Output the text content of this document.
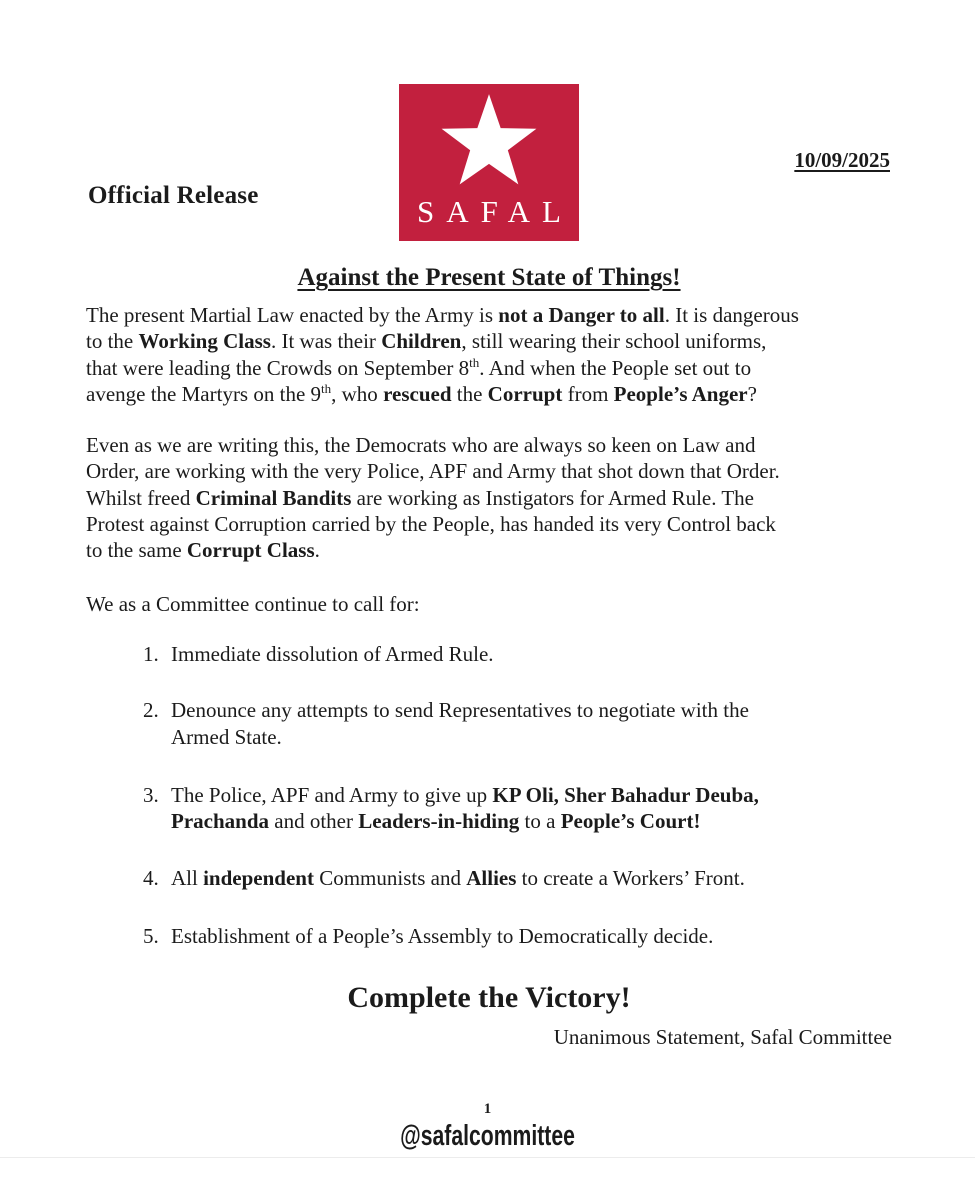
Official Release	SAFAL
10/09/2025
Against the Present State of Things!

The present Martial Law enacted by the Army is not a Danger to all. It is dangerous
to the Working Class. It was their Children, still wearing their school uniforms,
that were leading the Crowds on September 8th. And when the People set out to
avenge the Martyrs on the 9th, who rescued the Corrupt from People’s Anger?

Even as we are writing this, the Democrats who are always so keen on Law and
Order, are working with the very Police, APF and Army that shot down that Order.
Whilst freed Criminal Bandits are working as Instigators for Armed Rule. The
Protest against Corruption carried by the People, has handed its very Control back
to the same Corrupt Class.

We as a Committee continue to call for:

1. Immediate dissolution of Armed Rule.
2. Denounce any attempts to send Representatives to negotiate with the
Armed State.
3. The Police, APF and Army to give up KP Oli, Sher Bahadur Deuba,
Prachanda and other Leaders-in-hiding to a People’s Court!
4. All independent Communists and Allies to create a Workers’ Front.
5. Establishment of a People’s Assembly to Democratically decide.
Complete the Victory!
Unanimous Statement, Safal Committee
1
@safalcommittee
